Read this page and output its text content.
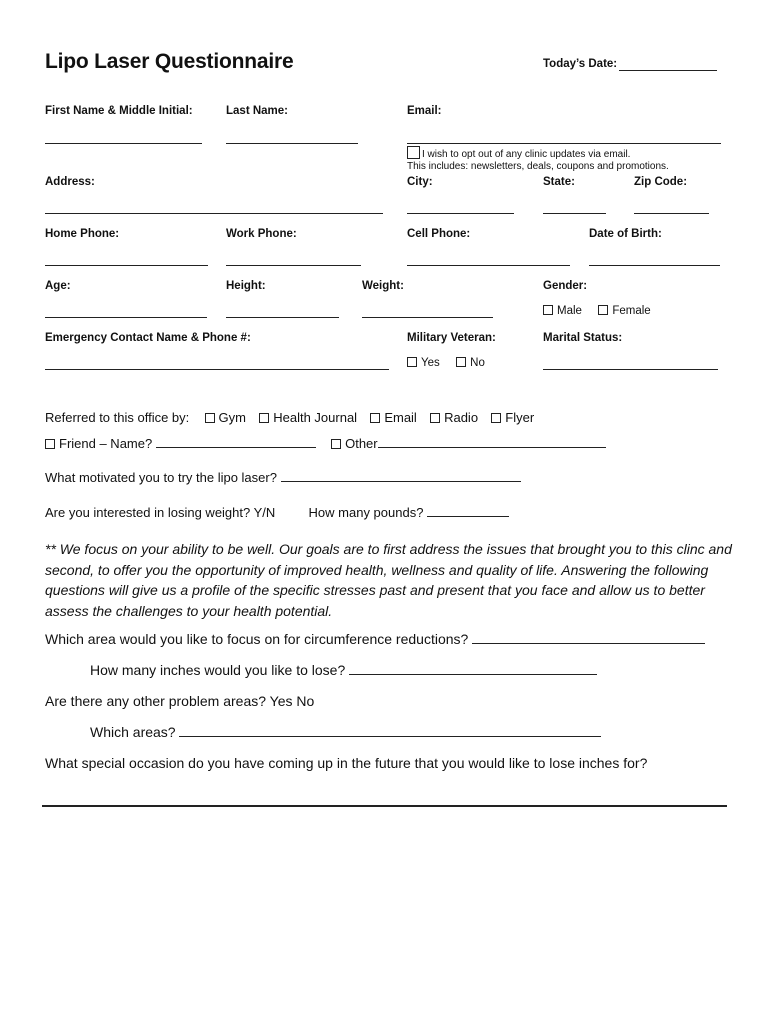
Lipo Laser Questionnaire	Today’s Date:
First Name & Middle Initial:	Last Name:	Email:
I wish to opt out of any clinic updates via email.
This includes: newsletters, deals, coupons and promotions.
Address:	City:	State:	Zip Code:
Home Phone:	Work Phone:	Cell Phone:	Date of Birth:
Age:	Height:	Weight:	Gender:
Male	Female
Emergency Contact Name & Phone #:	Military Veteran:	Marital Status:
Yes	No
Referred to this office by: Gym Health Journal Email Radio Flyer
Friend – Name?	Other
What motivated you to try the lipo laser?
Are you interested in losing weight? Y/N	How many pounds?
** We focus on your ability to be well. Our goals are to first address the issues that brought you to this clinc and second, to offer you the opportunity of improved health, wellness and quality of life. Answering the following questions will give us a profile of the specific stresses past and present that you face and allow us to better assess the challenges to your health potential.
Which area would you like to focus on for circumference reductions?
How many inches would you like to lose?
Are there any other problem areas? Yes No
Which areas?
What special occasion do you have coming up in the future that you would like to lose inches for?
